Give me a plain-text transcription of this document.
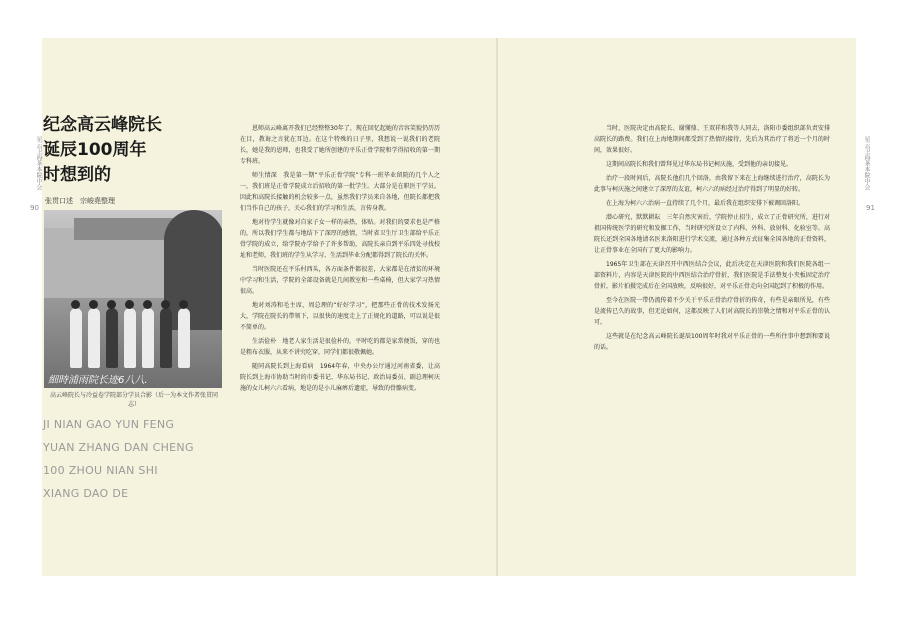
星云卫海茶本院中会
90
星云卫海茶本院中会
91
纪念高云峰院长
诞辰100周年
时想到的
张贯口述　宗峻堯整理
細時浦雨院长迹6八八.
高云峰院长与冷益卷学院部分学员合影（后一为本文作者张贯同志）
JI NIAN GAO YUN FENG
YUAN ZHANG DAN CHENG
100 ZHOU NIAN SHI
XIANG DAO DE

恩师高云峰离开我们已经整整30年了，现在回忆起她的音容笑貌仍历历在目，教诲之言犹在耳边。在这个特殊的日子里，我想说一说我们的老院长，她是我的恩师，也我受了她所创建的平乐正骨学院和学得招收的第一期专科班。

师生情深　我是第一期“平乐正骨学院”专科一班毕业留院的几个人之一，我们班是正骨学院成立后招收的第一批学生。大部分是在职医干学员。因此和高院长接触的机会较多一点，虽然我们学员来自各地，但院长都把我们当作自己的孩子，关心我们的学习和生活，言传身教。

地对待学生就像对自家子女一样的亲热，体贴。对我们的要求也是严格的，所以我们学生都与地结下了深厚的感情，当时省卫生厅卫生部给平乐正骨学院的成立，给学院办学给予了许多帮助，高院长亲自到平乐四处寻找校址和老师，我们班的学生从学习、生活到毕业分配都得到了院长的关怀。

当时医院还在平乐村西头，各方面条件都很差，大家都是在清贫的环境中学习和生活，学院的全部设备就是几间教室和一些桌椅，但大家学习热情很高。

地对刘涛和毛主席，周总理的“好好学习”，把那些正骨的技术发扬光大，学院在院长的带领下，以很快的速度走上了正规化的道路，可以说是很不简单的。

生活俭朴　地老人家生活是很俭朴的，平时吃的都是家常便饭，穿的也是粗布衣服，从来不讲究吃穿，同学们都很敬佩她。

随同高院长到上海看病　1964年春，中央办公厅通过河南省委，让高院长到上海市协助当时的市委书记、华东局书记、政治局委员、副总理柯庆施的女儿柯六六看病，地是的是小儿麻痹后遗症，导致的骨骼病变。

当时，医院决定由高院长、谢懂鼎、王双祥和我等人同去，洛阳市委组织部负责安排高院长的路费。我们在上海地期间都受到了热情的接待，先后为其治疗了将近一个月的时间，效果很好。

这期间高院长和我们曾拜见过华东局书记柯庆施，受到他的亲切接见。

治疗一段时间后，高院长他们几个回洛，由我留下来在上海继续进行治疗，高院长为此事与柯庆施之间建立了深厚的友谊，柯六六的病经过治疗得到了明显的好转。

在上海为柯六六治病一直持续了几个月，最后我在组织安排下被调回洛阳。

潜心研究，默默耕耘　三年自然灾害后，学院停止招生，成立了正骨研究所，进行对祖国传统医学的研究和发掘工作，当时研究所设立了内科、外科、放射科、化验室等。高院长还到全国各地请名医来洛阳进行学术交流，通过各种方式征集全国各地的正骨资料，让正骨事业在全国有了更大的影响力。

1965年卫生部在天津召开中西医结合会议，此后决定在天津医院和我们医院各组一部资料片，内容是天津医院的中西医结合治疗骨折，我们医院是手法整复小夹板固定治疗骨折，影片拍摄完成后在全国放映，反响很好，对平乐正骨走向全国起到了积极的作用。

至今在医院一带仍流传着不少关于平乐正骨治疗骨折的传奇，有些是亲眼所见，有些是流传已久的故事，但无论如何，这都反映了人们对高院长的崇敬之情和对平乐正骨的认可。

这些就是在纪念高云峰院长诞辰100周年时我对平乐正骨的一些所往事中想到和要说的话。
